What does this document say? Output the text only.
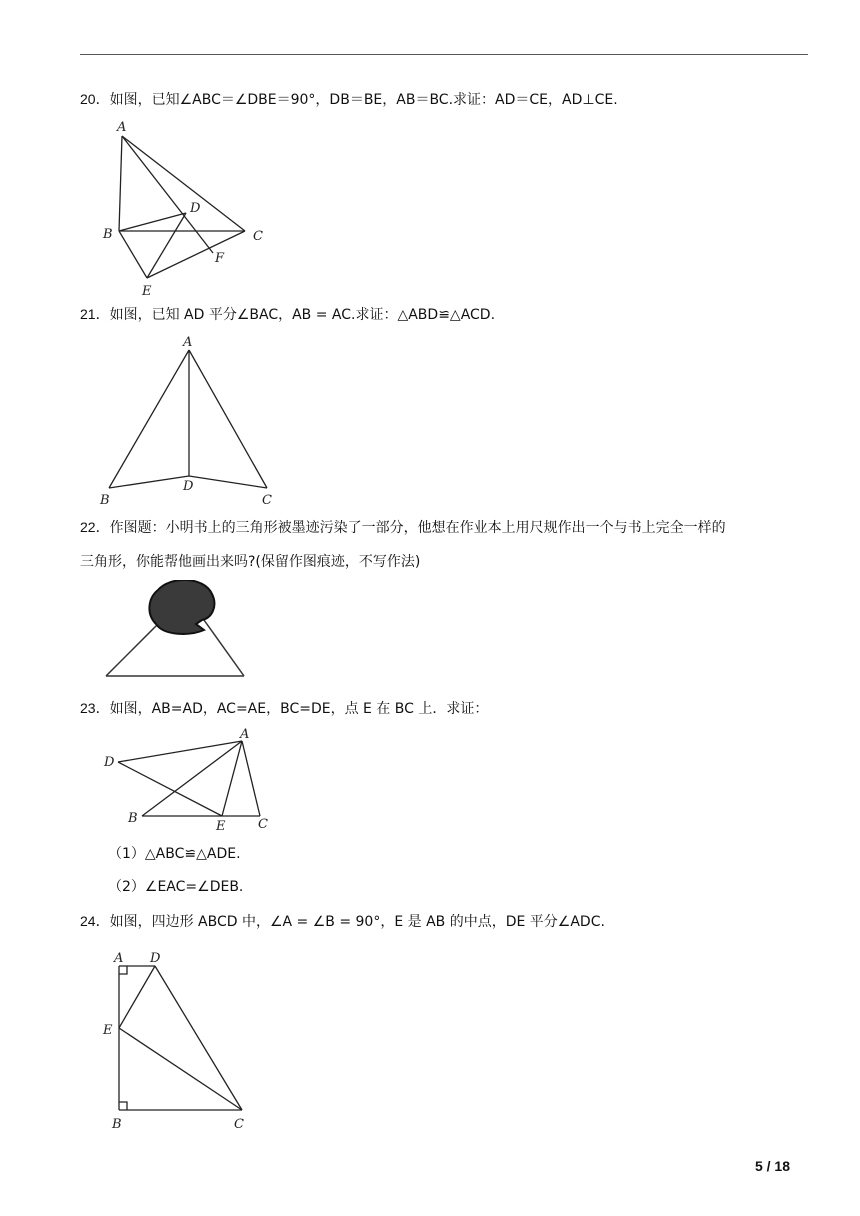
20．如图，已知∠ABC＝∠DBE＝90°，DB＝BE，AB＝BC.求证：AD＝CE，AD⊥CE.
A
B	C
D
E
F
21．如图，已知 AD 平分∠BAC，AB = AC.求证：△ABD≌△ACD.
A
B
D
C
22．作图题：小明书上的三角形被墨迹污染了一部分，他想在作业本上用尺规作出一个与书上完全一样的
三角形，你能帮他画出来吗?(保留作图痕迹，不写作法)
23．如图，AB=AD，AC=AE，BC=DE，点 E 在 BC 上．求证：
A
D
B
E	C
（1）△ABC≌△ADE.
（2）∠EAC=∠DEB.
24．如图，四边形 ABCD 中，∠A = ∠B = 90°，E 是 AB 的中点，DE 平分∠ADC.
A D
E
B	C
5 / 18
